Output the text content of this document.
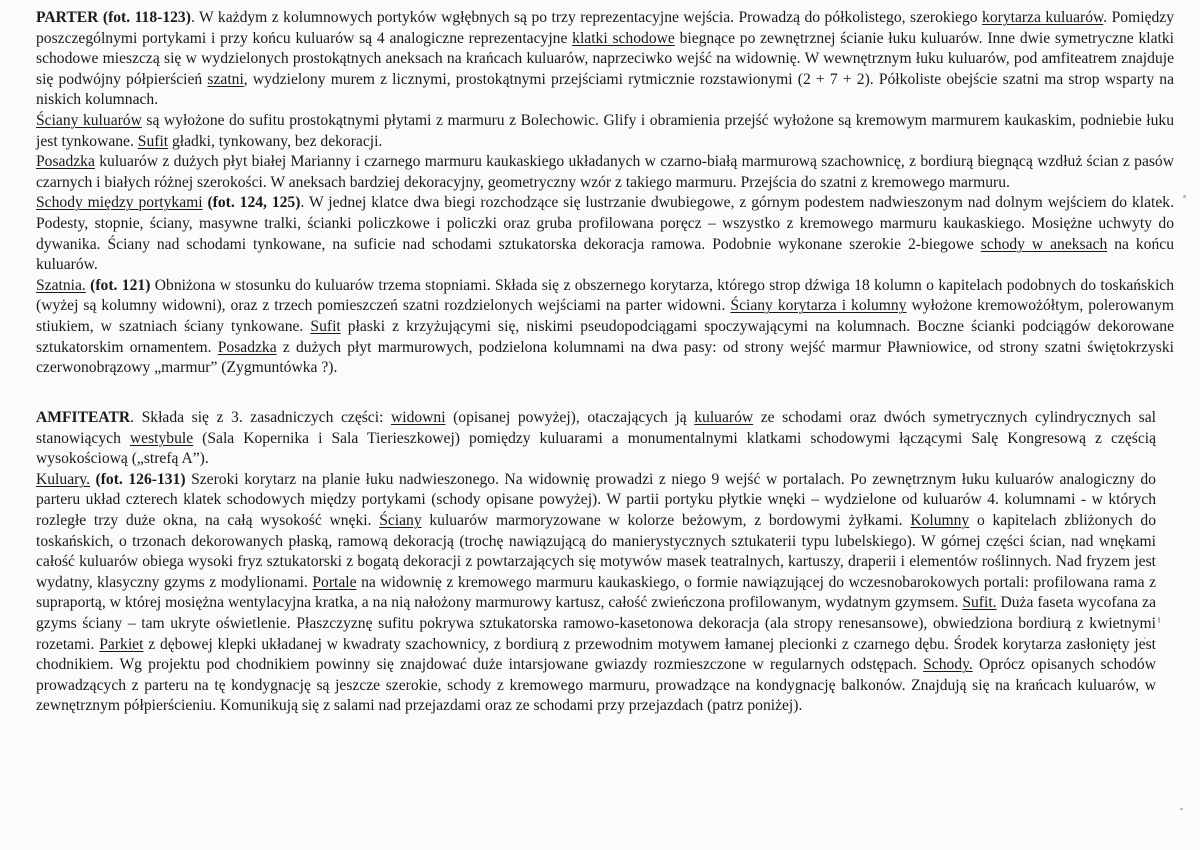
PARTER (fot. 118-123). W każdym z kolumnowych portyków wgłębnych są po trzy reprezentacyjne wejścia. Prowadzą do półkolistego, szerokiego korytarza kuluarów. Pomiędzy poszczególnymi portykami i przy końcu kuluarów są 4 analogiczne reprezentacyjne klatki schodowe biegnące po zewnętrznej ścianie łuku kuluarów. Inne dwie symetryczne klatki schodowe mieszczą się w wydzielonych prostokątnych aneksach na krańcach kuluarów, naprzeciwko wejść na widownię. W wewnętrznym łuku kuluarów, pod amfiteatrem znajduje się podwójny półpierścień szatni, wydzielony murem z licznymi, prostokątnymi przejściami rytmicznie rozstawionymi (2 + 7 + 2). Półkoliste obejście szatni ma strop wsparty na niskich kolumnach.

Ściany kuluarów są wyłożone do sufitu prostokątnymi płytami z marmuru z Bolechowic. Glify i obramienia przejść wyłożone są kremowym marmurem kaukaskim, podniebie łuku jest tynkowane. Sufit gładki, tynkowany, bez dekoracji.

Posadzka kuluarów z dużych płyt białej Marianny i czarnego marmuru kaukaskiego układanych w czarno-białą marmurową szachownicę, z bordiurą biegnącą wzdłuż ścian z pasów czarnych i białych różnej szerokości. W aneksach bardziej dekoracyjny, geometryczny wzór z takiego marmuru. Przejścia do szatni z kremowego marmuru.

Schody między portykami (fot. 124, 125). W jednej klatce dwa biegi rozchodzące się lustrzanie dwubiegowe, z górnym podestem nadwieszonym nad dolnym wejściem do klatek. Podesty, stopnie, ściany, masywne tralki, ścianki policzkowe i policzki oraz gruba profilowana poręcz – wszystko z kremowego marmuru kaukaskiego. Mosiężne uchwyty do dywanika. Ściany nad schodami tynkowane, na suficie nad schodami sztukatorska dekoracja ramowa. Podobnie wykonane szerokie 2-biegowe schody w aneksach na końcu kuluarów.

Szatnia. (fot. 121) Obniżona w stosunku do kuluarów trzema stopniami. Składa się z obszernego korytarza, którego strop dźwiga 18 kolumn o kapitelach podobnych do toskańskich (wyżej są kolumny widowni), oraz z trzech pomieszczeń szatni rozdzielonych wejściami na parter widowni. Ściany korytarza i kolumny wyłożone kremowożółtym, polerowanym stiukiem, w szatniach ściany tynkowane. Sufit płaski z krzyżującymi się, niskimi pseudopodciągami spoczywającymi na kolumnach. Boczne ścianki podciągów dekorowane sztukatorskim ornamentem. Posadzka z dużych płyt marmurowych, podzielona kolumnami na dwa pasy: od strony wejść marmur Pławniowice, od strony szatni świętokrzyski czerwonobrązowy „marmur” (Zygmuntówka ?).

AMFITEATR. Składa się z 3. zasadniczych części: widowni (opisanej powyżej), otaczających ją kuluarów ze schodami oraz dwóch symetrycznych cylindrycznych sal stanowiących westybule (Sala Kopernika i Sala Tierieszkowej) pomiędzy kuluarami a monumentalnymi klatkami schodowymi łączącymi Salę Kongresową z częścią wysokościową („strefą A”).

Kuluary. (fot. 126-131) Szeroki korytarz na planie łuku nadwieszonego. Na widownię prowadzi z niego 9 wejść w portalach. Po zewnętrznym łuku kuluarów analogiczny do parteru układ czterech klatek schodowych między portykami (schody opisane powyżej). W partii portyku płytkie wnęki – wydzielone od kuluarów 4. kolumnami - w których rozległe trzy duże okna, na całą wysokość wnęki. Ściany kuluarów marmoryzowane w kolorze beżowym, z bordowymi żyłkami. Kolumny o kapitelach zbliżonych do toskańskich, o trzonach dekorowanych płaską, ramową dekoracją (trochę nawiązującą do manierystycznych sztukaterii typu lubelskiego). W górnej części ścian, nad wnękami całość kuluarów obiega wysoki fryz sztukatorski z bogatą dekoracji z powtarzających się motywów masek teatralnych, kartuszy, draperii i elementów roślinnych. Nad fryzem jest wydatny, klasyczny gzyms z modylionami. Portale na widownię z kremowego marmuru kaukaskiego, o formie nawiązującej do wczesnobarokowych portali: profilowana rama z supraportą, w której mosiężna wentylacyjna kratka, a na nią nałożony marmurowy kartusz, całość zwieńczona profilowanym, wydatnym gzymsem. Sufit. Duża faseta wycofana za gzyms ściany – tam ukryte oświetlenie. Płaszczyznę sufitu pokrywa sztukatorska ramowo-kasetonowa dekoracja (ala stropy renesansowe), obwiedziona bordiurą z kwietnymi rozetami. Parkiet z dębowej klepki układanej w kwadraty szachownicy, z bordiurą z przewodnim motywem łamanej plecionki z czarnego dębu. Środek korytarza zasłonięty jest chodnikiem. Wg projektu pod chodnikiem powinny się znajdować duże intarsjowane gwiazdy rozmieszczone w regularnych odstępach. Schody. Oprócz opisanych schodów prowadzących z parteru na tę kondygnację są jeszcze szerokie, schody z kremowego marmuru, prowadzące na kondygnację balkonów. Znajdują się na krańcach kuluarów, w zewnętrznym półpierścieniu. Komunikują się z salami nad przejazdami oraz ze schodami przy przejazdach (patrz poniżej).
